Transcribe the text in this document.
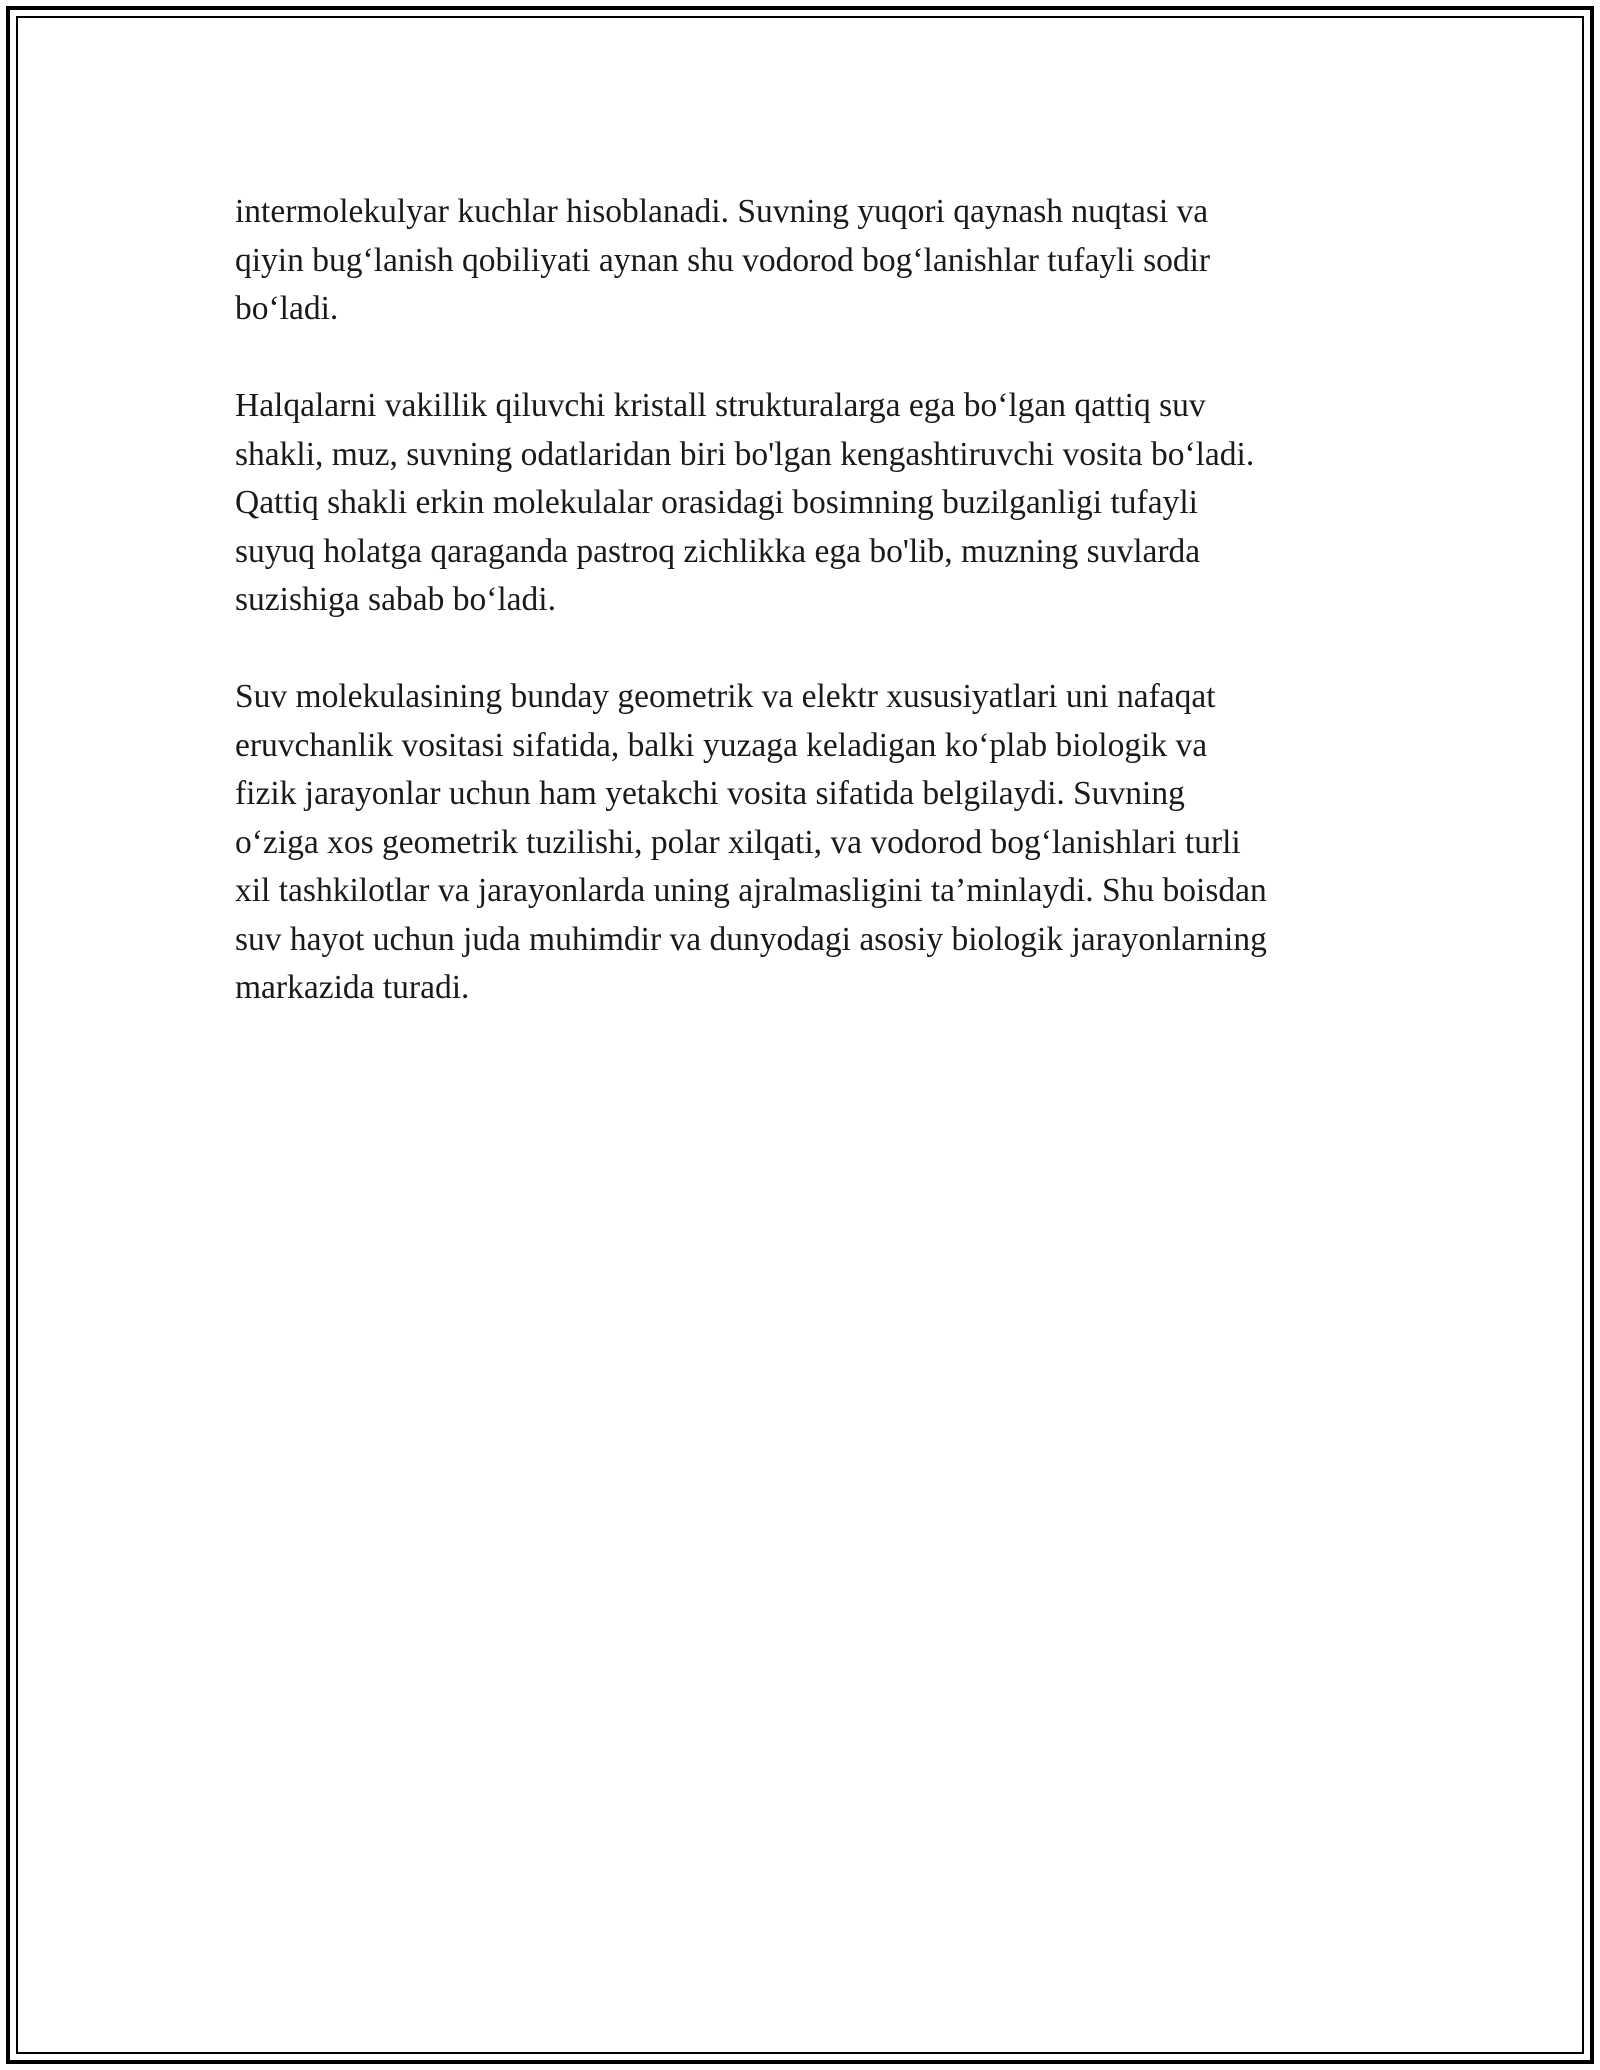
intermolekulyar kuchlar hisoblanadi. Suvning yuqori qaynash nuqtasi va
qiyin bug‘lanish qobiliyati aynan shu vodorod bog‘lanishlar tufayli sodir
bo‘ladi.

Halqalarni vakillik qiluvchi kristall strukturalarga ega bo‘lgan qattiq suv
shakli, muz, suvning odatlaridan biri bo'lgan kengashtiruvchi vosita bo‘ladi.
Qattiq shakli erkin molekulalar orasidagi bosimning buzilganligi tufayli
suyuq holatga qaraganda pastroq zichlikka ega bo'lib, muzning suvlarda
suzishiga sabab bo‘ladi.

Suv molekulasining bunday geometrik va elektr xususiyatlari uni nafaqat
eruvchanlik vositasi sifatida, balki yuzaga keladigan ko‘plab biologik va
fizik jarayonlar uchun ham yetakchi vosita sifatida belgilaydi. Suvning
o‘ziga xos geometrik tuzilishi, polar xilqati, va vodorod bog‘lanishlari turli
xil tashkilotlar va jarayonlarda uning ajralmasligini ta’minlaydi. Shu boisdan
suv hayot uchun juda muhimdir va dunyodagi asosiy biologik jarayonlarning
markazida turadi.
